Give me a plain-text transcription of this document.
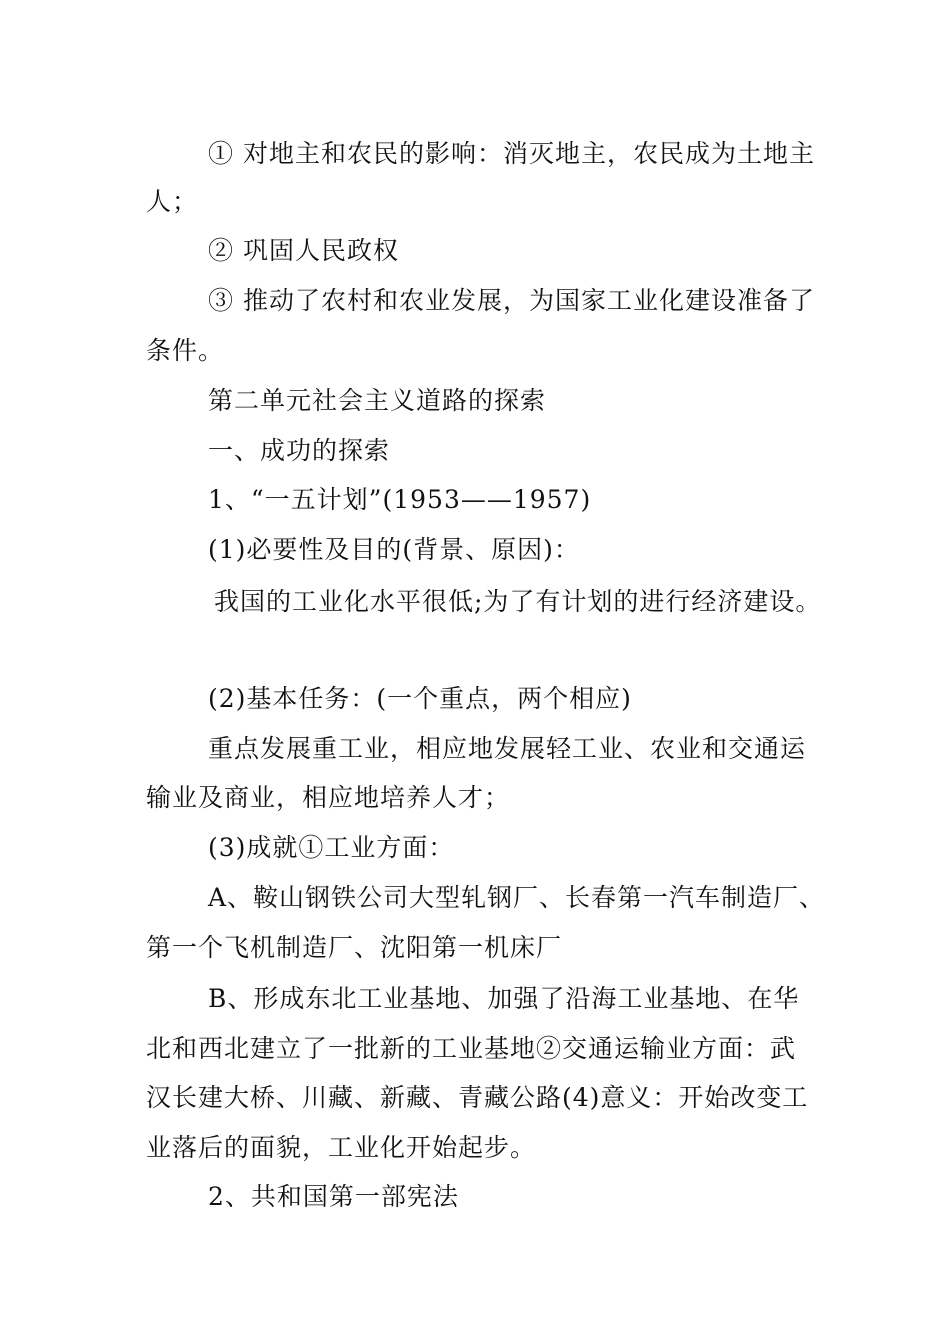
① 对地主和农民的影响：消灭地主，农民成为土地主
人；
② 巩固人民政权
③ 推动了农村和农业发展，为国家工业化建设准备了
条件。
第二单元社会主义道路的探索
一、成功的探索
1、“一五计划”(1953——1957)
(1)必要性及目的(背景、原因)：
我国的工业化水平很低;为了有计划的进行经济建设。
(2)基本任务：(一个重点，两个相应)
重点发展重工业，相应地发展轻工业、农业和交通运
输业及商业，相应地培养人才；
(3)成就①工业方面：
A、鞍山钢铁公司大型轧钢厂、长春第一汽车制造厂、
第一个飞机制造厂、沈阳第一机床厂
B、形成东北工业基地、加强了沿海工业基地、在华
北和西北建立了一批新的工业基地②交通运输业方面：武
汉长建大桥、川藏、新藏、青藏公路(4)意义：开始改变工
业落后的面貌，工业化开始起步。
2、共和国第一部宪法
